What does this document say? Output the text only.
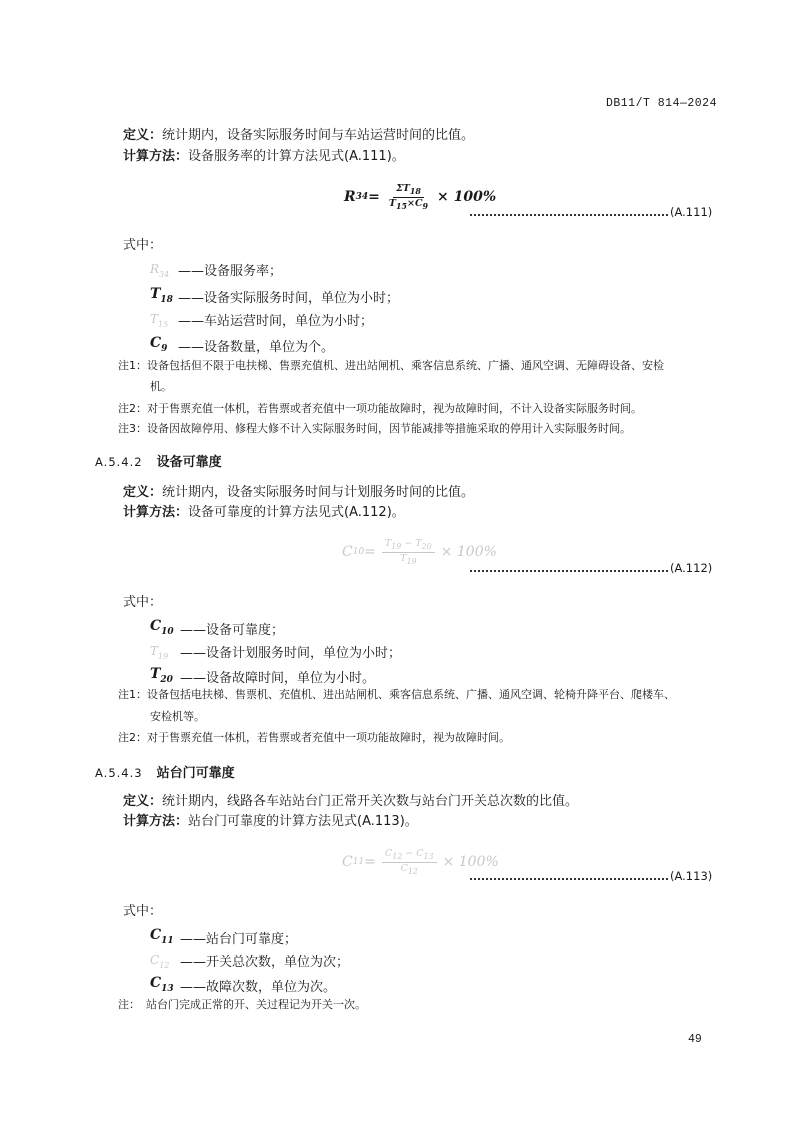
DB11/T 814—2024
定义：统计期内，设备实际服务时间与车站运营时间的比值。
计算方法：设备服务率的计算方法见式(A.111)。
R $34 = \frac{\Sigma T_{18}}{T_{15}\times C_9} \times 100\%$
(A.111)
式中：
$R_{34}$ ——设备服务率；
$T_{18}$ ——设备实际服务时间，单位为小时；
$T_{15}$ ——车站运营时间，单位为小时；
$C_9$ ——设备数量，单位为个。
注1：设备包括但不限于电扶梯、售票充值机、进出站闸机、乘客信息系统、广播、通风空调、无障碍设备、安检
机。
注2：对于售票充值一体机，若售票或者充值中一项功能故障时，视为故障时间，不计入设备实际服务时间。
注3：设备因故障停用、修程大修不计入实际服务时间，因节能减排等措施采取的停用计入实际服务时间。
A.5.4.2 设备可靠度
定义：统计期内，设备实际服务时间与计划服务时间的比值。
计算方法：设备可靠度的计算方法见式(A.112)。
C $10 = \frac{T_{19} - T_{20}}{T_{19}} \times 100\%$
(A.112)
式中：
$C_{10}$ ——设备可靠度；
$T_{19}$ ——设备计划服务时间，单位为小时；
$T_{20}$ ——设备故障时间，单位为小时。
注1：设备包括电扶梯、售票机、充值机、进出站闸机、乘客信息系统、广播、通风空调、轮椅升降平台、爬楼车、
安检机等。
注2：对于售票充值一体机，若售票或者充值中一项功能故障时，视为故障时间。
A.5.4.3 站台门可靠度
定义：统计期内，线路各车站站台门正常开关次数与站台门开关总次数的比值。
计算方法：站台门可靠度的计算方法见式(A.113)。
C $11 = \frac{C_{12} - C_{13}}{C_{12}} \times 100\%$
(A.113)
式中：
$C_{11}$ ——站台门可靠度；
$C_{12}$ ——开关总次数，单位为次；
$C_{13}$ ——故障次数，单位为次。
注： 站台门完成正常的开、关过程记为开关一次。
49
